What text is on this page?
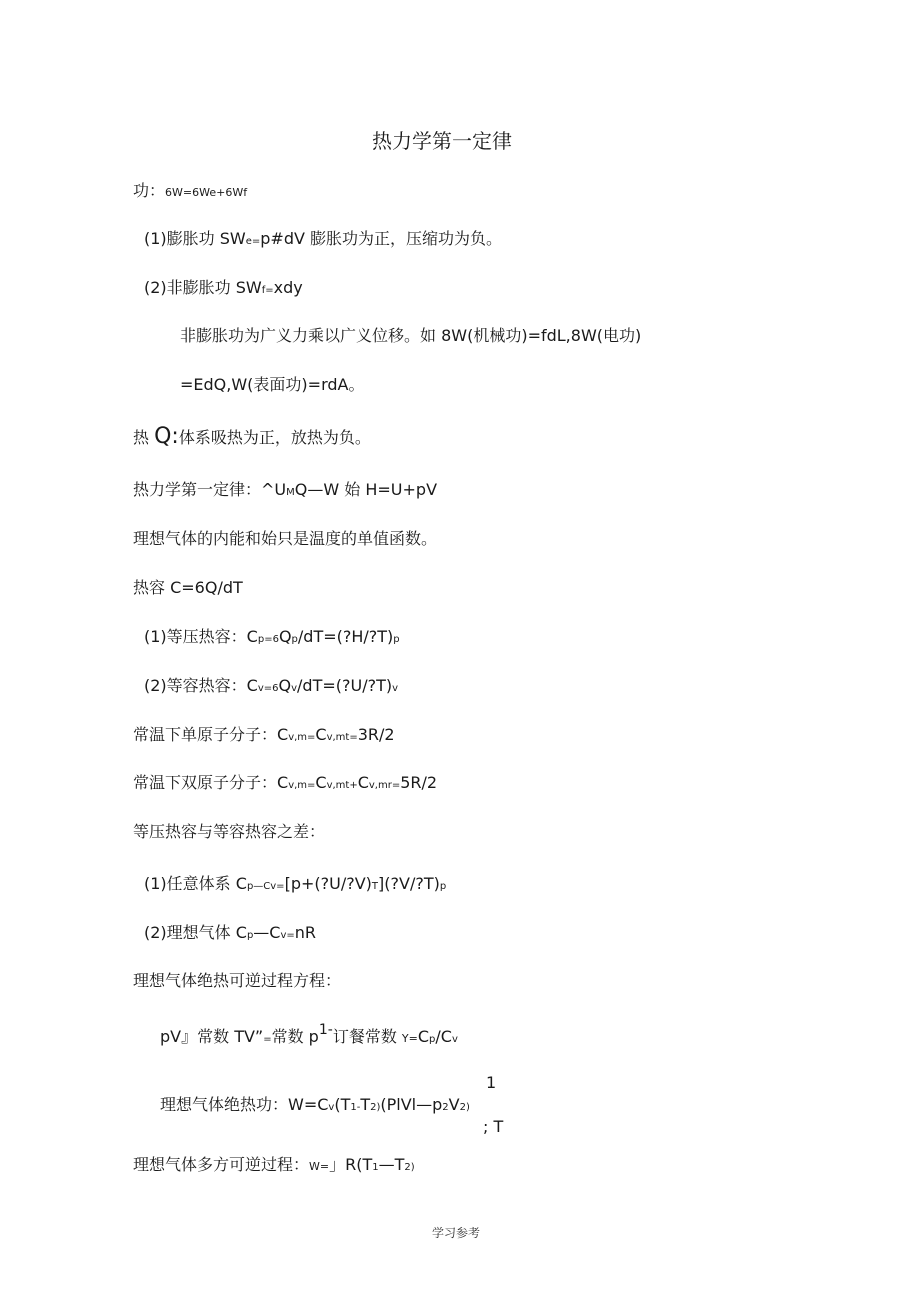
热力学第一定律
功：6W=6We+6Wf
(1)膨胀功 SWe=p#dV 膨胀功为正，压缩功为负。
(2)非膨胀功 SWf=xdy
非膨胀功为广义力乘以广义位移。如 8W(机械功)=fdL,8W(电功)
=EdQ,W(表面功)=rdA。
热 Q:体系吸热为正，放热为负。
热力学第一定律：^UMQ—W 始 H=U+pV
理想气体的内能和始只是温度的单值函数。
热容 C=6Q/dT
(1)等压热容：Cp=6Qp/dT=(?H/?T)p
(2)等容热容：Cv=6Qv/dT=(?U/?T)v
常温下单原子分子：Cv,m=Cv,mt=3R/2
常温下双原子分子：Cv,m=Cv,mt+Cv,mr=5R/2
等压热容与等容热容之差：
(1)任意体系 Cp—Cv=[p+(?U/?V)T](?V/?T)p
(2)理想气体 Cp—Cv=nR
理想气体绝热可逆过程方程：
pV』常数 TV”=常数 p1-订餐常数 Y=Cp/Cv
理想气体绝热功：W=Cv(T1-T2)(PlVl—p2V2)
1
; T
理想气体多方可逆过程：W=」R(T1—T2)
学习参考
